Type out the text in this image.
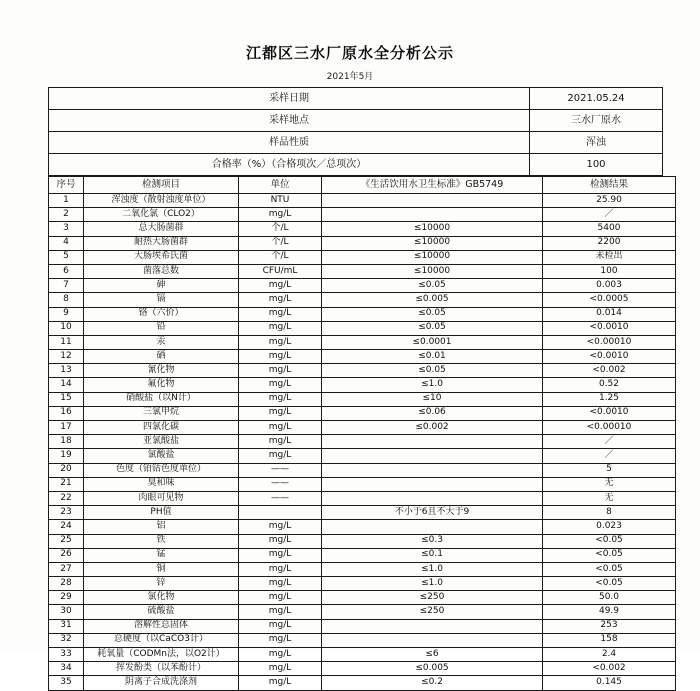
江都区三水厂原水全分析公示
2021年5月
采样日期	2021.05.24
采样地点	三水厂原水
样品性质	浑浊
合格率（%）（合格项次／总项次）	100
序号	检测项目	单位	《生活饮用水卫生标准》GB5749	检测结果
1	浑浊度（散射浊度单位）	NTU		25.90
2	二氧化氯（CLO2）	mg/L		／
3	总大肠菌群	个/L	≤10000	5400
4	耐热大肠菌群	个/L	≤10000	2200
5	大肠埃希氏菌	个/L	≤10000	未检出
6	菌落总数	CFU/mL	≤10000	100
7	砷	mg/L	≤0.05	0.003
8	镉	mg/L	≤0.005	<0.0005
9	铬（六价）	mg/L	≤0.05	0.014
10	铅	mg/L	≤0.05	<0.0010
11	汞	mg/L	≤0.0001	<0.00010
12	硒	mg/L	≤0.01	<0.0010
13	氰化物	mg/L	≤0.05	<0.002
14	氟化物	mg/L	≤1.0	0.52
15	硝酸盐（以N计）	mg/L	≤10	1.25
16	三氯甲烷	mg/L	≤0.06	<0.0010
17	四氯化碳	mg/L	≤0.002	<0.00010
18	亚氯酸盐	mg/L		／
19	氯酸盐	mg/L		／
20	色度（铂钴色度单位）	——		5
21	臭和味	——		无
22	肉眼可见物	——		无
23	PH值		不小于6且不大于9	8
24	铝	mg/L		0.023
25	铁	mg/L	≤0.3	<0.05
26	锰	mg/L	≤0.1	<0.05
27	铜	mg/L	≤1.0	<0.05
28	锌	mg/L	≤1.0	<0.05
29	氯化物	mg/L	≤250	50.0
30	硫酸盐	mg/L	≤250	49.9
31	溶解性总固体	mg/L		253
32	总硬度（以CaCO3计）	mg/L		158
33	耗氧量（CODMn法，以O2计）	mg/L	≤6	2.4
34	挥发酚类（以苯酚计）	mg/L	≤0.005	<0.002
35	阴离子合成洗涤剂	mg/L	≤0.2	0.145
